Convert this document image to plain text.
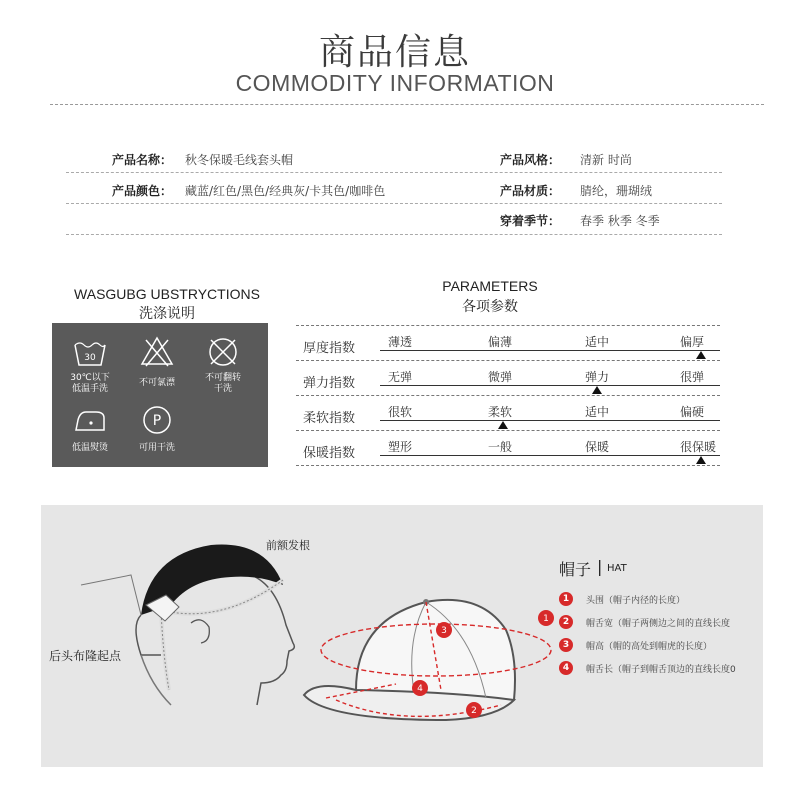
商品信息
COMMODITY INFORMATION
产品名称： 秋冬保暖毛线套头帽	产品风格： 清新 时尚
产品颜色： 藏蓝/红色/黑色/经典灰/卡其色/咖啡色	产品材质： 腈纶，珊瑚绒
穿着季节： 春季 秋季 冬季
WASGUBG UBSTRYCTIONS
洗涤说明
30
30℃以下
低温手洗
不可氯漂	不可翻转
干洗
低温熨烫
P
可用干洗
PARAMETERS
各项参数
厚度指数	薄透	偏薄	适中	偏厚
弹力指数	无弹	微弹	弹力	很弹
柔软指数	很软	柔软	适中	偏硬
保暖指数	塑形	一般	保暖	很保暖
前额发根
后头布隆起点
1
2
3
4
帽子 | HAT
1	头围（帽子内径的长度）
2	帽舌宽（帽子两侧边之间的直线长度
3	帽高（帽的高处到帽虎的长度）
4	帽舌长（帽子到帽舌顶边的直线长度0
